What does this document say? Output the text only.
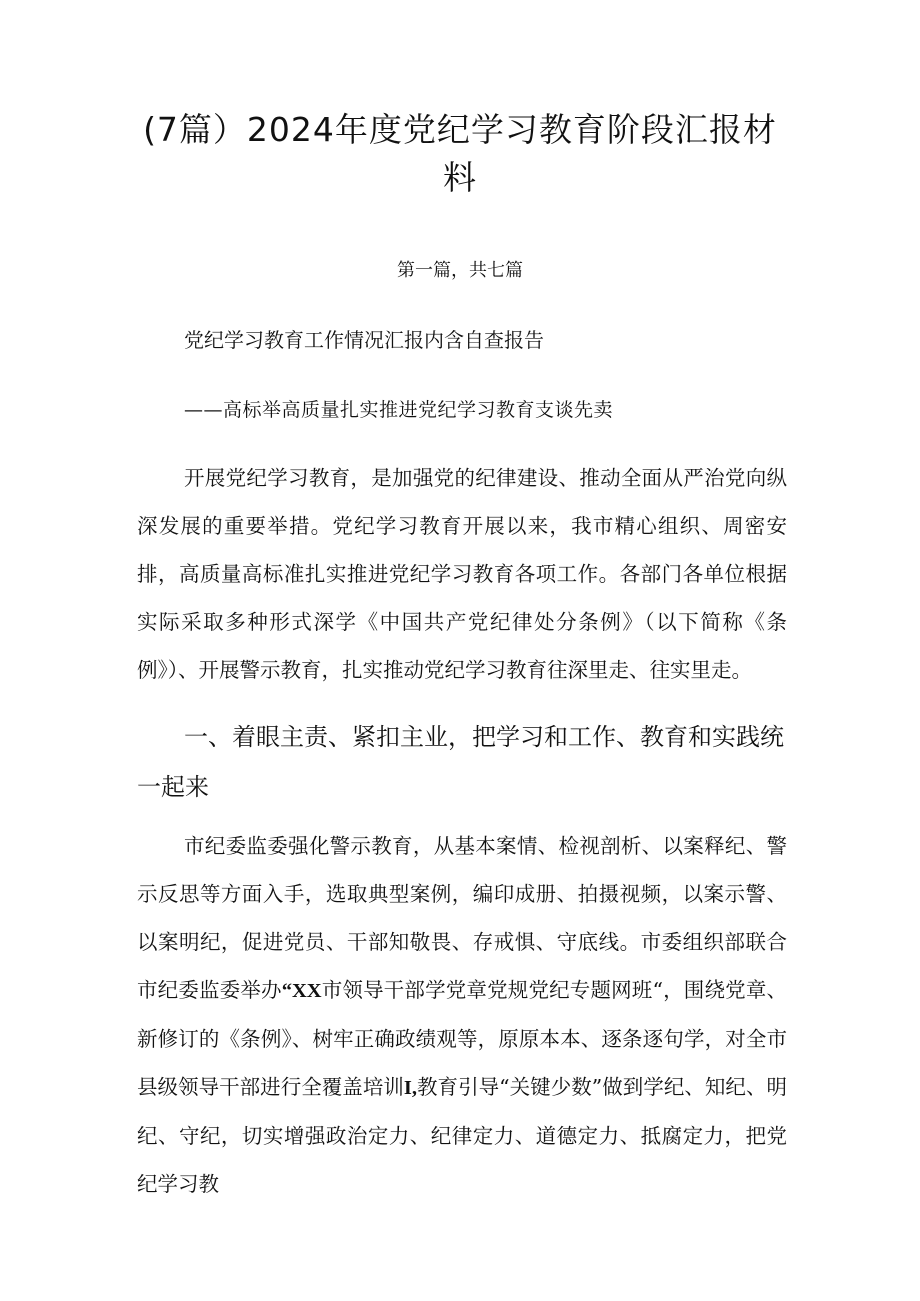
(7篇）2024年度党纪学习教育阶段汇报材料
第一篇，共七篇
党纪学习教育工作情况汇报内含自查报告
——高标举高质量扎实推进党纪学习教育支谈先卖

开展党纪学习教育，是加强党的纪律建设、推动全面从严治党向纵深发展的重要举措。党纪学习教育开展以来，我市精心组织、周密安排，高质量高标准扎实推进党纪学习教育各项工作。各部门各单位根据实际采取多种形式深学《中国共产党纪律处分条例》（以下简称《条例》）、开展警示教育，扎实推动党纪学习教育往深里走、往实里走。

一、着眼主责、紧扣主业，把学习和工作、教育和实践统一起来

市纪委监委强化警示教育，从基本案情、检视剖析、以案释纪、警示反思等方面入手，选取典型案例，编印成册、拍摄视频，以案示警、以案明纪，促进党员、干部知敬畏、存戒惧、守底线。市委组织部联合市纪委监委举办“XX市领导干部学党章党规党纪专题网班“，围绕党章、新修订的《条例》、树牢正确政绩观等，原原本本、逐条逐句学，对全市县级领导干部进行全覆盖培训I,教育引导“关键少数”做到学纪、知纪、明纪、守纪，切实增强政治定力、纪律定力、道德定力、抵腐定力，把党纪学习教
